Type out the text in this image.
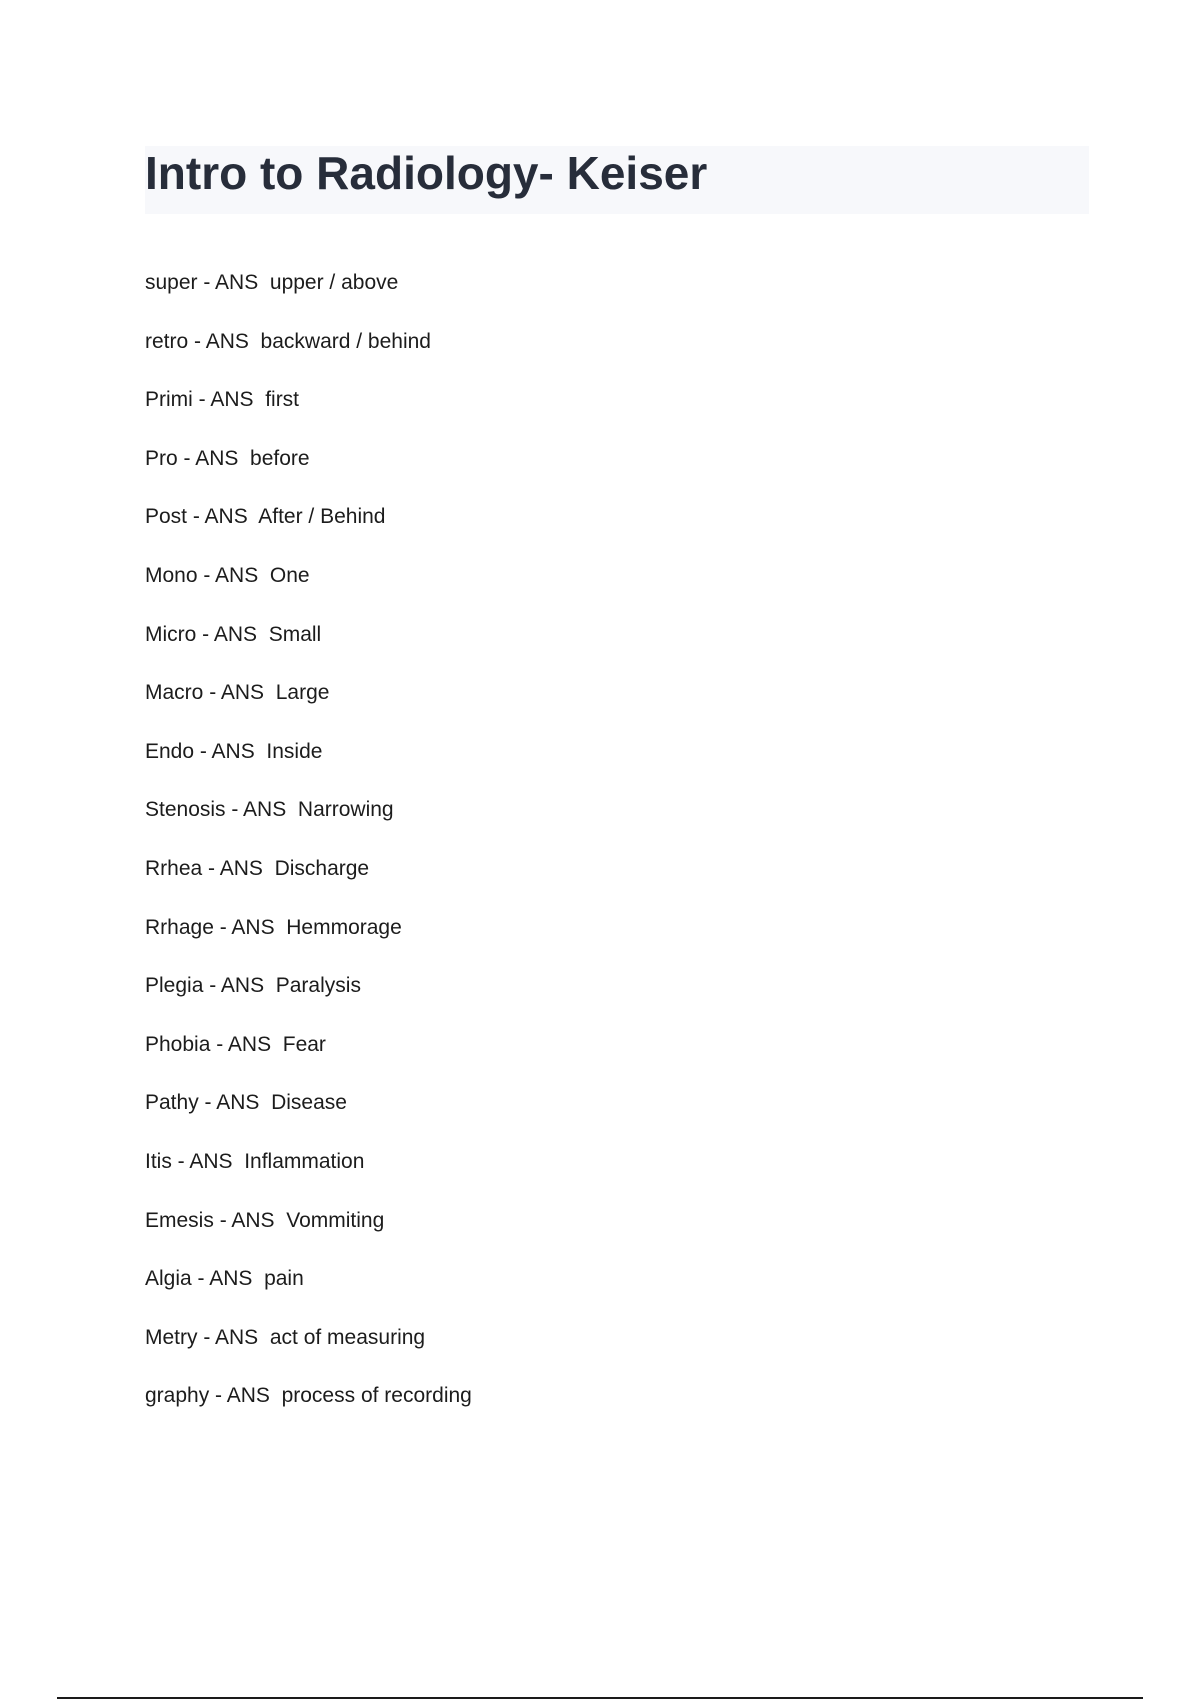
Intro to Radiology- Keiser
super - ANS  upper / above
retro - ANS  backward / behind
Primi - ANS  first
Pro - ANS  before
Post - ANS  After / Behind
Mono - ANS  One
Micro - ANS  Small
Macro - ANS  Large
Endo - ANS  Inside
Stenosis - ANS  Narrowing
Rrhea - ANS  Discharge
Rrhage - ANS  Hemmorage
Plegia - ANS  Paralysis
Phobia - ANS  Fear
Pathy - ANS  Disease
Itis - ANS  Inflammation
Emesis - ANS  Vommiting
Algia - ANS  pain
Metry - ANS  act of measuring
graphy - ANS  process of recording
